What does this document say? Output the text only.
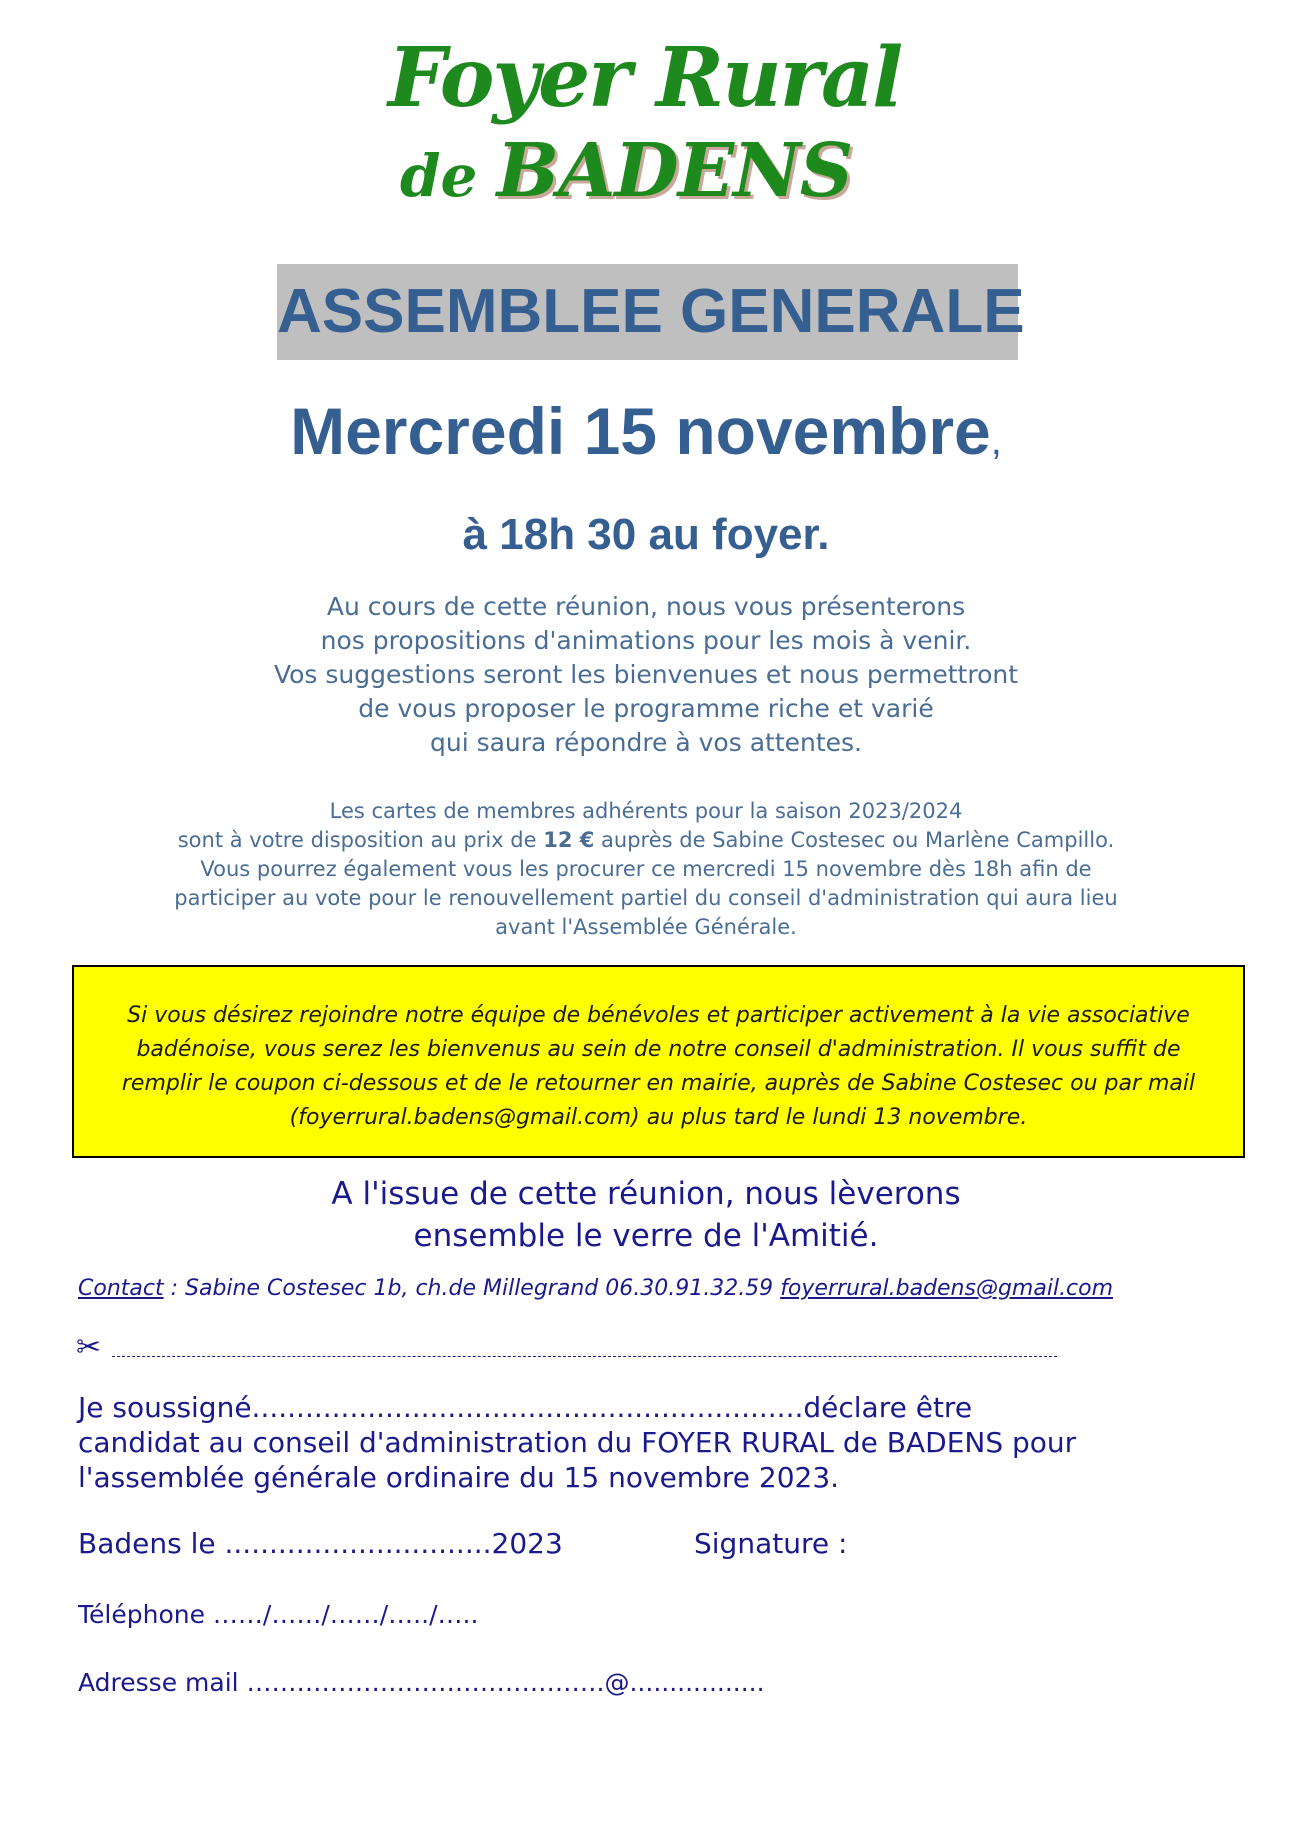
Foyer Rural
de BADENS
ASSEMBLEE GENERALE
Mercredi 15 novembre,
à 18h 30 au foyer.
Au cours de cette réunion, nous vous présenterons
nos propositions d'animations pour les mois à venir.
Vos suggestions seront les bienvenues et nous permettront
de vous proposer le programme riche et varié
qui saura répondre à vos attentes.
Les cartes de membres adhérents pour la saison 2023/2024
sont à votre disposition au prix de 12 € auprès de Sabine Costesec ou Marlène Campillo.
Vous pourrez également vous les procurer ce mercredi 15 novembre dès 18h afin de
participer au vote pour le renouvellement partiel du conseil d'administration qui aura lieu
avant l'Assemblée Générale.
Si vous désirez rejoindre notre équipe de bénévoles et participer activement à la vie associative
badénoise, vous serez les bienvenus au sein de notre conseil d'administration. Il vous suffit de
remplir le coupon ci-dessous et de le retourner en mairie, auprès de Sabine Costesec ou par mail
(foyerrural.badens@gmail.com) au plus tard le lundi 13 novembre.
A l'issue de cette réunion, nous lèverons
ensemble le verre de l'Amitié.
Contact : Sabine Costesec 1b, ch.de Millegrand 06.30.91.32.59 foyerrural.badens@gmail.com
✂
Je soussigné..............................................................déclare être
candidat au conseil d'administration du FOYER RURAL de BADENS pour
l'assemblée générale ordinaire du 15 novembre 2023.
Badens le ..............................2023	Signature :
Téléphone ……/……/……/…../…..
Adresse mail …………………………………….@.................
